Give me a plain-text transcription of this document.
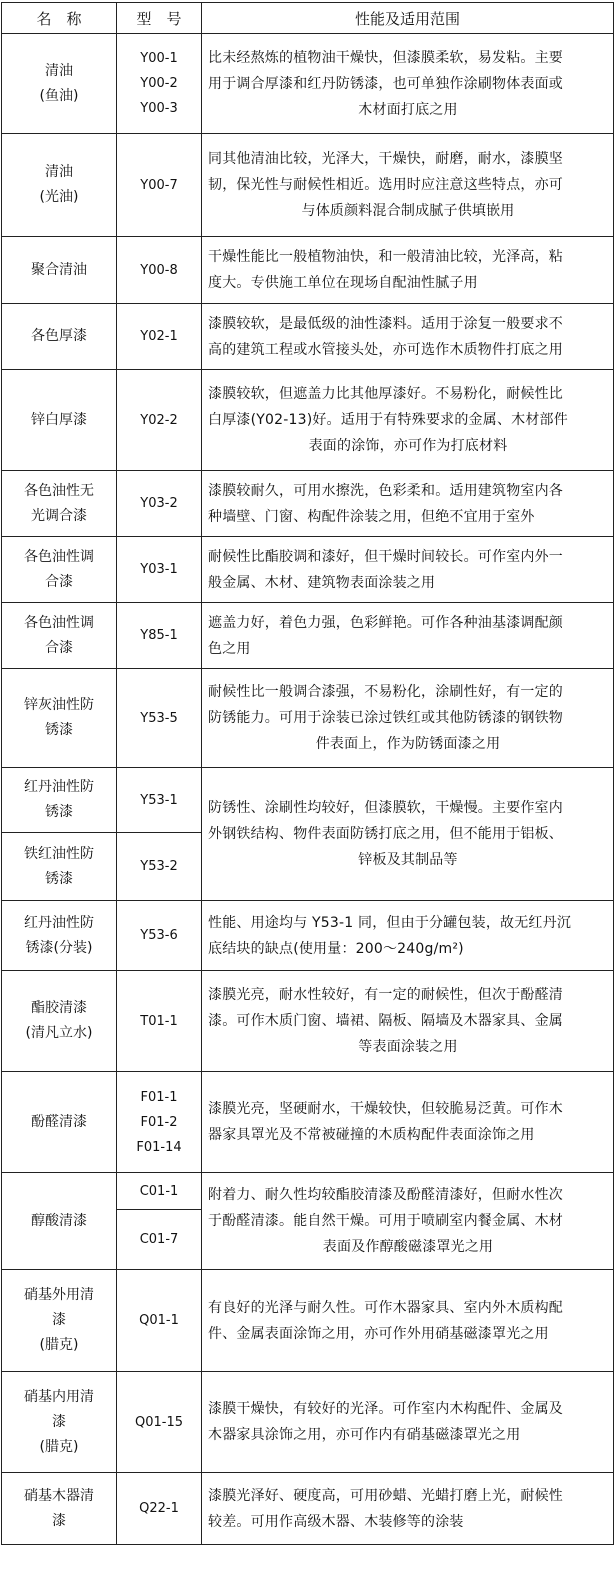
名　称	型　号	性能及适用范围

清油
(鱼油)	Y00-1
Y00-2
Y00-3	比未经熬炼的植物油干燥快，但漆膜柔软，易发粘。主要
用于调合厚漆和红丹防锈漆，也可单独作涂刷物体表面或
木材面打底之用

清油
(光油)	Y00-7	同其他清油比较，光泽大，干燥快，耐磨，耐水，漆膜坚
韧，保光性与耐候性相近。选用时应注意这些特点，亦可
与体质颜料混合制成腻子供填嵌用

聚合清油	Y00-8	干燥性能比一般植物油快，和一般清油比较，光泽高，粘
度大。专供施工单位在现场自配油性腻子用

各色厚漆	Y02-1	漆膜较软，是最低级的油性漆料。适用于涂复一般要求不
高的建筑工程或水管接头处，亦可选作木质物件打底之用

锌白厚漆	Y02-2	漆膜较软，但遮盖力比其他厚漆好。不易粉化，耐候性比
白厚漆(Y02-13)好。适用于有特殊要求的金属、木材部件
表面的涂饰，亦可作为打底材料

各色油性无
光调合漆	Y03-2	漆膜较耐久，可用水擦洗，色彩柔和。适用建筑物室内各
种墙壁、门窗、构配件涂装之用，但绝不宜用于室外

各色油性调
合漆	Y03-1	耐候性比酯胶调和漆好，但干燥时间较长。可作室内外一
般金属、木材、建筑物表面涂装之用

各色油性调
合漆	Y85-1	遮盖力好，着色力强，色彩鲜艳。可作各种油基漆调配颜
色之用

锌灰油性防
锈漆	Y53-5	耐候性比一般调合漆强，不易粉化，涂刷性好，有一定的
防锈能力。可用于涂装已涂过铁红或其他防锈漆的钢铁物
件表面上，作为防锈面漆之用

红丹油性防
锈漆	Y53-1	防锈性、涂刷性均较好，但漆膜软，干燥慢。主要作室内
外钢铁结构、物件表面防锈打底之用，但不能用于铝板、
锌板及其制品等

铁红油性防
锈漆	Y53-2	

红丹油性防
锈漆(分装)	Y53-6	性能、用途均与 Y53-1 同，但由于分罐包装，故无红丹沉
底结块的缺点(使用量：200～240g/m²)

酯胶清漆
(清凡立水)	T01-1	漆膜光亮，耐水性较好，有一定的耐候性，但次于酚醛清
漆。可作木质门窗、墙裙、隔板、隔墙及木器家具、金属
等表面涂装之用

酚醛清漆	F01-1
F01-2
F01-14	漆膜光亮，坚硬耐水，干燥较快，但较脆易泛黄。可作木
器家具罩光及不常被碰撞的木质构配件表面涂饰之用

醇酸清漆	C01-1	附着力、耐久性均较酯胶清漆及酚醛清漆好，但耐水性次
于酚醛清漆。能自然干燥。可用于喷刷室内餐金属、木材
表面及作醇酸磁漆罩光之用

	C01-7	

硝基外用清
漆
(腊克)	Q01-1	有良好的光泽与耐久性。可作木器家具、室内外木质构配
件、金属表面涂饰之用，亦可作外用硝基磁漆罩光之用

硝基内用清
漆
(腊克)	Q01-15	漆膜干燥快，有较好的光泽。可作室内木构配件、金属及
木器家具涂饰之用，亦可作内有硝基磁漆罩光之用

硝基木器清
漆	Q22-1	漆膜光泽好、硬度高，可用砂蜡、光蜡打磨上光，耐候性
较差。可用作高级木器、木装修等的涂装
